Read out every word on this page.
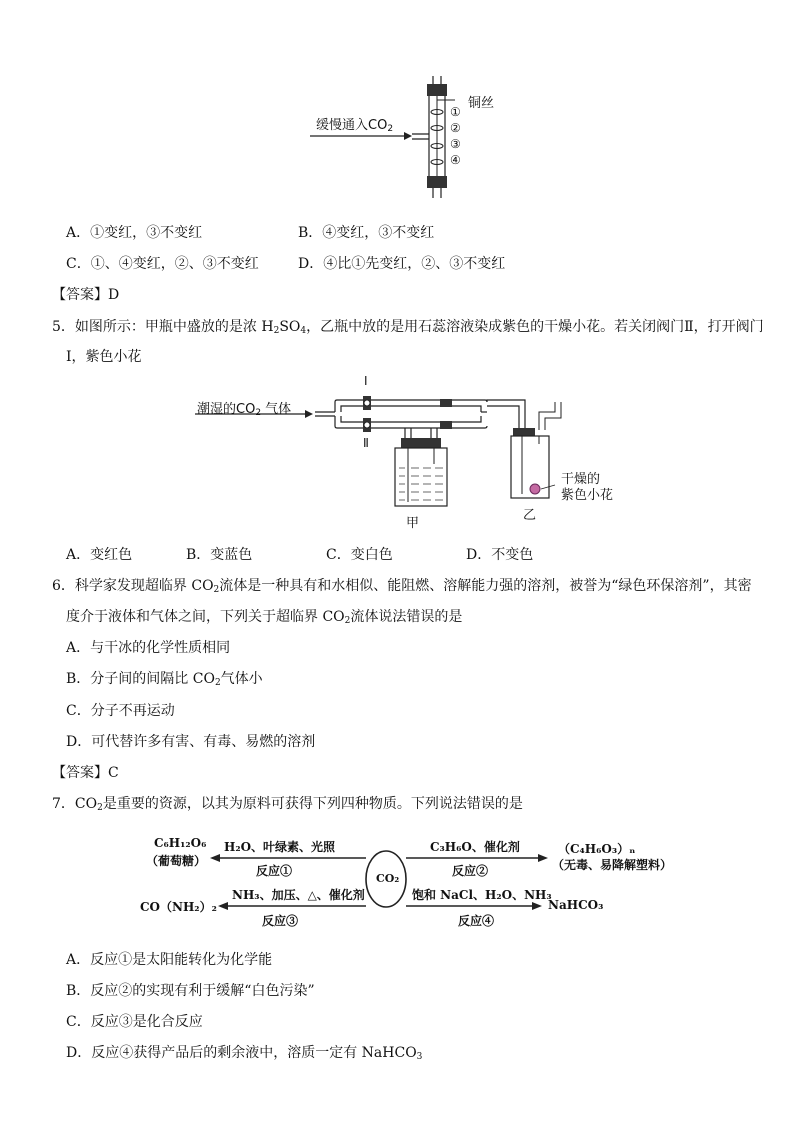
缓慢通入$CO_2$
铜丝
①
②
③
④
A．①变红，③不变红	B．④变红，③不变红
C．①、④变红，②、③不变红	D．④比①先变红，②、③不变红
【答案】D
5．如图所示：甲瓶中盛放的是浓 $H_2SO_4$，乙瓶中放的是用石蕊溶液染成紫色的干燥小花。若关闭阀门Ⅱ，打开阀门
Ⅰ，紫色小花
潮湿的$CO_2$ 气体
Ⅰ
Ⅱ
甲
乙
干燥的
紫色小花
A．变红色	B．变蓝色	C．变白色	D．不变色
6．科学家发现超临界 $CO_2$流体是一种具有和水相似、能阻燃、溶解能力强的溶剂，被誉为“绿色环保溶剂”，其密
度介于液体和气体之间，下列关于超临界 $CO_2$流体说法错误的是
A．与干冰的化学性质相同
B．分子间的间隔比 $CO_2$气体小
C．分子不再运动
D．可代替许多有害、有毒、易燃的溶剂
【答案】C
7．$CO_2$是重要的资源，以其为原料可获得下列四种物质。下列说法错误的是
CO₂
C₆H₁₂O₆
（葡萄糖）
H₂O、叶绿素、光照
反应①
C₃H₆O、催化剂
反应②
（C₄H₆O₃）ₙ
（无毒、易降解塑料）
CO（NH₂）₂
NH₃、加压、△、催化剂
反应③
饱和 NaCl、H₂O、NH₃
反应④
NaHCO₃
A．反应①是太阳能转化为化学能
B．反应②的实现有利于缓解“白色污染”
C．反应③是化合反应
D．反应④获得产品后的剩余液中，溶质一定有 NaHCO$_3$
